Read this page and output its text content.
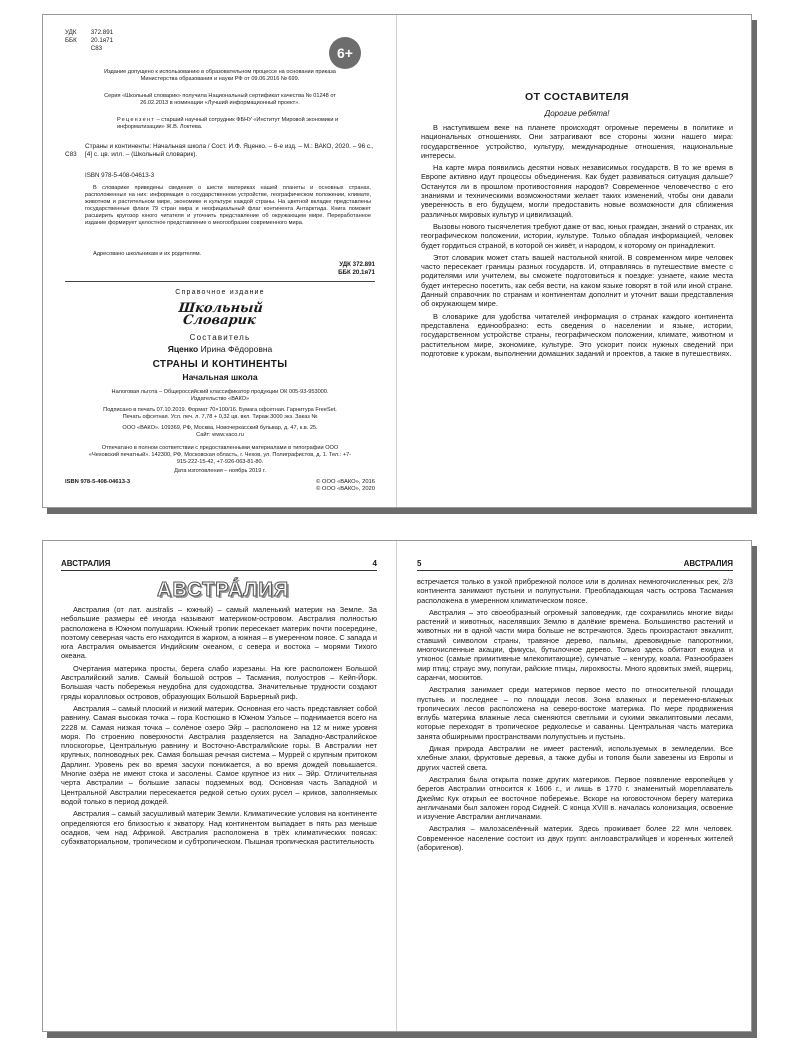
УДК 372.891
ББК 20.1я71
С83	6+
Издание допущено к использованию в образовательном процессе на основании приказа Министерства образования и науки РФ от 09.06.2016 № 699.
Серия «Школьный словарик» получила Национальный сертификат качества № 01248 от 26.02.2013 в номинации «Лучший информационный проект».
Рецензент – старший научный сотрудник ФБНУ «Институт Мировой экономики и информатизации» Ж.В. Локтева.
С83
Страны и континенты: Начальная школа / Сост. И.Ф. Яценко. – 6-е изд. – М.: ВАКО, 2020. – 96 с., [4] с. цв. илл. – (Школьный словарик).
ISBN 978-5-408-04613-3
В словарике приведены сведения о шести материках нашей планеты и основных странах, расположенных на них: информация о государственном устройстве, географическом положении, климате, животном и растительном мире, экономике и культуре каждой страны. На цветной вкладке представлены государственные флаги 79 стран мира и неофициальный флаг континента Антарктида. Книга поможет расширить кругозор юного читателя и уточнить представление об окружающем мире. Переработанное издание формирует целостное представление о многообразии современного мира.
Адресовано школьникам и их родителям.
УДК 372.891
ББК 20.1я71
Справочное издание
Школьный
Словарик
Составитель
Яценко Ирина Фёдоровна
СТРАНЫ И КОНТИНЕНТЫ
Начальная школа
Налоговая льгота – Общероссийский классификатор продукции ОК 005-93-953000. Издательство «ВАКО»
Подписано в печать 07.10.2019. Формат 70×100/16. Бумага офсетная. Гарнитура FreeSet.
Печать офсетная. Усл. печ. л. 7,78 + 0,32 цв. вкл. Тираж 3000 экз. Заказ №
ООО «ВАКО». 109369, РФ, Москва, Новочеркасский бульвар, д. 47, к.в. 25.
Сайт: www.vaco.ru
Отпечатано в полном соответствии с предоставленными материалами в типографии ООО «Чеховский печатный». 142300, РФ, Московская область, г. Чехов, ул. Полиграфистов, д. 1. Тел.: +7-915-222-15-42, +7-926-063-81-80.
Дата изготовления – ноябрь 2019 г.
ISBN 978-5-408-04613-3	© ООО «ВАКО», 2016
© ООО «ВАКО», 2020
ОТ СОСТАВИТЕЛЯ
Дорогие ребята!

В наступившем веке на планете происходят огромные перемены в политике и национальных отношениях. Они затрагивают все стороны жизни нашего мира: государственное устройство, культуру, международные отношения, национальные интересы.

На карте мира появились десятки новых независимых государств. В то же время в Европе активно идут процессы объединения. Как будет развиваться ситуация дальше? Останутся ли в прошлом противостояния народов? Современное человечество с его знаниями и техническими возможностями желает таких изменений, чтобы они давали уверенность в его будущем, могли предоставить новые возможности для сближения различных мировых культур и цивилизаций.

Вызовы нового тысячелетия требуют даже от вас, юных граждан, знаний о странах, их географическом положении, истории, культуре. Только обладая информацией, человек будет гордиться страной, в которой он живёт, и народом, к которому он принадлежит.

Этот словарик может стать вашей настольной книгой. В современном мире человек часто пересекает границы разных государств. И, отправляясь в путешествие вместе с родителями или учителем, вы сможете подготовиться к поездке: узнаете, какие места будет интересно посетить, как себя вести, на каком языке говорят в той или иной стране. Данный справочник по странам и континентам дополнит и уточнит ваши представления об окружающем мире.

В словарике для удобства читателей информация о странах каждого континента представлена единообразно: есть сведения о населении и языке, истории, государственном устройстве страны, географическом положении, климате, животном и растительном мире, экономике, культуре. Это ускорит поиск нужных сведений при подготовке к урокам, выполнении домашних заданий и проектов, а также в путешествиях.

АВСТРАЛИЯ	4
АВСТРА́ЛИЯ

Австралия (от лат. australis – южный) – самый маленький материк на Земле. За небольшие размеры её иногда называют материком-островом. Австралия полностью расположена в Южном полушарии. Южный тропик пересекает материк почти посередине, поэтому северная часть его находится в жарком, а южная – в умеренном поясе. С запада и юга Австралия омывается Индийским океаном, с севера и востока – морями Тихого океана.

Очертания материка просты, берега слабо изрезаны. На юге расположен Большой Австралийский залив. Самый большой остров – Тасмания, полуостров – Кейп-Йорк. Большая часть побережья неудобна для судоходства. Значительные трудности создают гряды коралловых островов, образующих Большой Барьерный риф.

Австралия – самый плоский и низкий материк. Основная его часть представляет собой равнину. Самая высокая точка – гора Костюшко в Южном Уэльсе – поднимается всего на 2228 м. Самая низкая точка – солёное озеро Эйр – расположено на 12 м ниже уровня моря. По строению поверхности Австралия разделяется на Западно-Австралийское плоскогорье, Центральную равнину и Восточно-Австралийские горы. В Австралии нет крупных, полноводных рек. Самая большая речная система – Муррей с крупным притоком Дарлинг. Уровень рек во время засухи понижается, а во время дождей повышается. Многие озёра не имеют стока и засолены. Самое крупное из них – Эйр. Отличительная черта Австралии – большие запасы подземных вод. Основная часть Западной и Центральной Австралии пересекается редкой сетью сухих русел – криков, заполняемых водой только в период дождей.

Австралия – самый засушливый материк Земли. Климатические условия на континенте определяются его близостью к экватору. Над континентом выпадает в пять раз меньше осадков, чем над Африкой. Австралия расположена в трёх климатических поясах: субэкваториальном, тропическом и субтропическом. Пышная тропическая растительность

5	АВСТРАЛИЯ

встречается только в узкой прибрежной полосе или в долинах немногочисленных рек, 2/3 континента занимают пустыни и полупустыни. Преобладающая часть острова Тасмания расположена в умеренном климатическом поясе.

Австралия – это своеобразный огромный заповедник, где сохранились многие виды растений и животных, населявших Землю в далёкие времена. Большинство растений и животных ни в одной части мира больше не встречаются. Здесь произрастают эвкалипт, ставший символом страны, травяное дерево, пальмы, древовидные папоротники, многочисленные акации, фикусы, бутылочное дерево. Только здесь обитают ехидна и утконос (самые примитивные млекопитающие), сумчатые – кенгуру, коала. Разнообразен мир птиц: страус эму, попугаи, райские птицы, лирохвосты. Много ядовитых змей, ящериц, саранчи, москитов.

Австралия занимает среди материков первое место по относительной площади пустынь и последнее – по площади лесов. Зона влажных и переменно-влажных тропических лесов расположена на северо-востоке материка. По мере продвижения вглубь материка влажные леса сменяются светлыми и сухими эвкалиптовыми лесами, которые переходят в тропическое редколесье и саванны. Центральная часть материка занята обширными пространствами полупустынь и пустынь.

Дикая природа Австралии не имеет растений, используемых в земледелии. Все хлебные злаки, фруктовые деревья, а также дубы и тополя были завезены из Европы и других частей света.

Австралия была открыта позже других материков. Первое появление европейцев у берегов Австралии относится к 1606 г., и лишь в 1770 г. знаменитый мореплаватель Джеймс Кук открыл ее восточное побережье. Вскоре на юговосточном берегу материка англичанами был заложен город Сидней. С конца XVIII в. началась колонизация, освоение и изучение Австралии англичанами.

Австралия – малозаселённый материк. Здесь проживает более 22 млн человек. Современное население состоит из двух групп: англоавстралийцев и коренных жителей (аборигенов).
